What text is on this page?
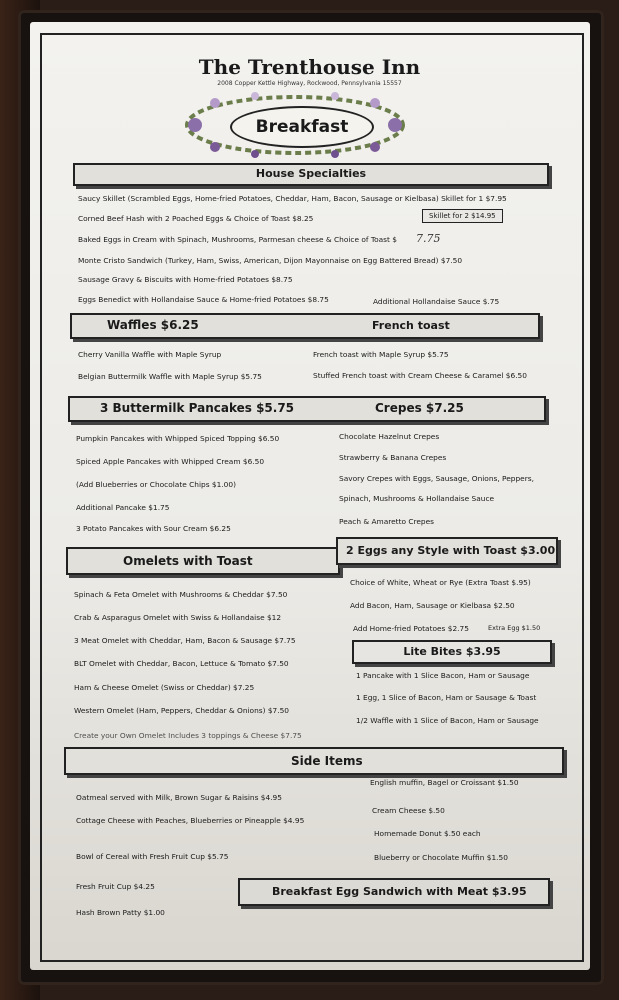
The Trenthouse Inn
2008 Copper Kettle Highway, Rockwood, Pennsylvania 15557
Breakfast
House Specialties
Saucy Skillet (Scrambled Eggs, Home-fried Potatoes, Cheddar, Ham, Bacon, Sausage or Kielbasa) Skillet for 1 $7.95
Corned Beef Hash with 2 Poached Eggs & Choice of Toast $8.25	Skillet for 2 $14.95
Baked Eggs in Cream with Spinach, Mushrooms, Parmesan cheese & Choice of Toast $ 7.75
Monte Cristo Sandwich (Turkey, Ham, Swiss, American, Dijon Mayonnaise on Egg Battered Bread) $7.50
Sausage Gravy & Biscuits with Home-fried Potatoes $8.75
Eggs Benedict with Hollandaise Sauce & Home-fried Potatoes $8.75	Additional Hollandaise Sauce $.75
Waffles $6.25	French toast
Cherry Vanilla Waffle with Maple Syrup
Belgian Buttermilk Waffle with Maple Syrup $5.75
French toast with Maple Syrup $5.75
Stuffed French toast with Cream Cheese & Caramel $6.50
3 Buttermilk Pancakes $5.75	Crepes $7.25
Pumpkin Pancakes with Whipped Spiced Topping $6.50
Spiced Apple Pancakes with Whipped Cream $6.50
(Add Blueberries or Chocolate Chips $1.00)
Additional Pancake $1.75
3 Potato Pancakes with Sour Cream $6.25
Chocolate Hazelnut Crepes
Strawberry & Banana Crepes
Savory Crepes with Eggs, Sausage, Onions, Peppers,
Spinach, Mushrooms & Hollandaise Sauce
Peach & Amaretto Crepes
Omelets with Toast
2 Eggs any Style with Toast $3.00
Spinach & Feta Omelet with Mushrooms & Cheddar $7.50
Crab & Asparagus Omelet with Swiss & Hollandaise $12
3 Meat Omelet with Cheddar, Ham, Bacon & Sausage $7.75
BLT Omelet with Cheddar, Bacon, Lettuce & Tomato $7.50
Ham & Cheese Omelet (Swiss or Cheddar) $7.25
Western Omelet (Ham, Peppers, Cheddar & Onions) $7.50
Create your Own Omelet Includes 3 toppings & Cheese $7.75
Choice of White, Wheat or Rye (Extra Toast $.95)
Add Bacon, Ham, Sausage or Kielbasa $2.50
Add Home-fried Potatoes $2.75	Extra Egg $1.50
Lite Bites $3.95
1 Pancake with 1 Slice Bacon, Ham or Sausage
1 Egg, 1 Slice of Bacon, Ham or Sausage & Toast
1/2 Waffle with 1 Slice of Bacon, Ham or Sausage
Side Items
Oatmeal served with Milk, Brown Sugar & Raisins $4.95
Cottage Cheese with Peaches, Blueberries or Pineapple $4.95
Bowl of Cereal with Fresh Fruit Cup $5.75
Fresh Fruit Cup $4.25
Hash Brown Patty $1.00
English muffin, Bagel or Croissant $1.50
Cream Cheese $.50
Homemade Donut $.50 each
Blueberry or Chocolate Muffin $1.50
Breakfast Egg Sandwich with Meat $3.95
